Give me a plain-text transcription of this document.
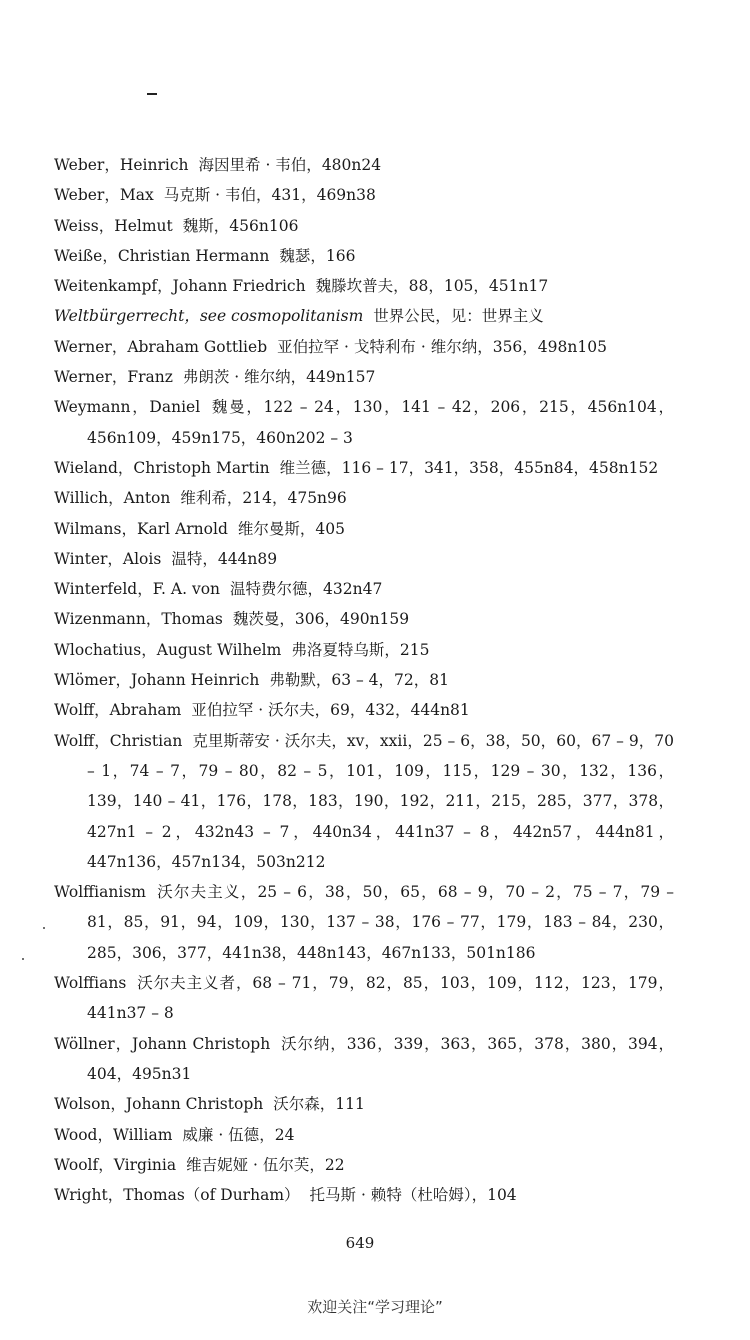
Weber，Heinrich 海因里希 · 韦伯，480n24

Weber，Max 马克斯 · 韦伯，431，469n38

Weiss，Helmut 魏斯，456n106

Weiße，Christian Hermann 魏瑟，166

Weitenkampf，Johann Friedrich 魏滕坎普夫，88，105，451n17

Weltbürgerrecht，see cosmopolitanism 世界公民，见：世界主义

Werner，Abraham Gottlieb 亚伯拉罕 · 戈特利布 · 维尔纳，356，498n105

Werner，Franz 弗朗茨 · 维尔纳，449n157

Weymann，Daniel 魏曼，122 – 24，130，141 – 42，206，215，456n104，456n109，459n175，460n202 – 3

Wieland，Christoph Martin 维兰德，116 – 17，341，358，455n84，458n152

Willich，Anton 维利希，214，475n96

Wilmans，Karl Arnold 维尔曼斯，405

Winter，Alois 温特，444n89

Winterfeld，F. A. von 温特费尔德，432n47

Wizenmann，Thomas 魏茨曼，306，490n159

Wlochatius，August Wilhelm 弗洛夏特乌斯，215

Wlömer，Johann Heinrich 弗勒默，63 – 4，72，81

Wolff，Abraham 亚伯拉罕 · 沃尔夫，69，432，444n81

Wolff，Christian 克里斯蒂安 · 沃尔夫，xv，xxii，25 – 6，38，50，60，67 – 9，70 – 1，74 – 7，79 – 80，82 – 5，101，109，115，129 – 30，132，136，139，140 – 41，176，178，183，190，192，211，215，285，377，378，427n1 – 2，432n43 – 7，440n34，441n37 – 8，442n57，444n81，447n136，457n134，503n212

Wolffianism 沃尔夫主义，25 – 6，38，50，65，68 – 9，70 – 2，75 – 7，79 – 81，85，91，94，109，130，137 – 38，176 – 77，179，183 – 84，230，285，306，377，441n38，448n143，467n133，501n186

Wolffians 沃尔夫主义者，68 – 71，79，82，85，103，109，112，123，179，441n37 – 8

Wöllner，Johann Christoph 沃尔纳，336，339，363，365，378，380，394，404，495n31

Wolson，Johann Christoph 沃尔森，111

Wood，William 威廉 · 伍德，24

Woolf，Virginia 维吉妮娅 · 伍尔芙，22

Wright，Thomas（of Durham） 托马斯 · 赖特（杜哈姆），104

649
欢迎关注“学习理论”
